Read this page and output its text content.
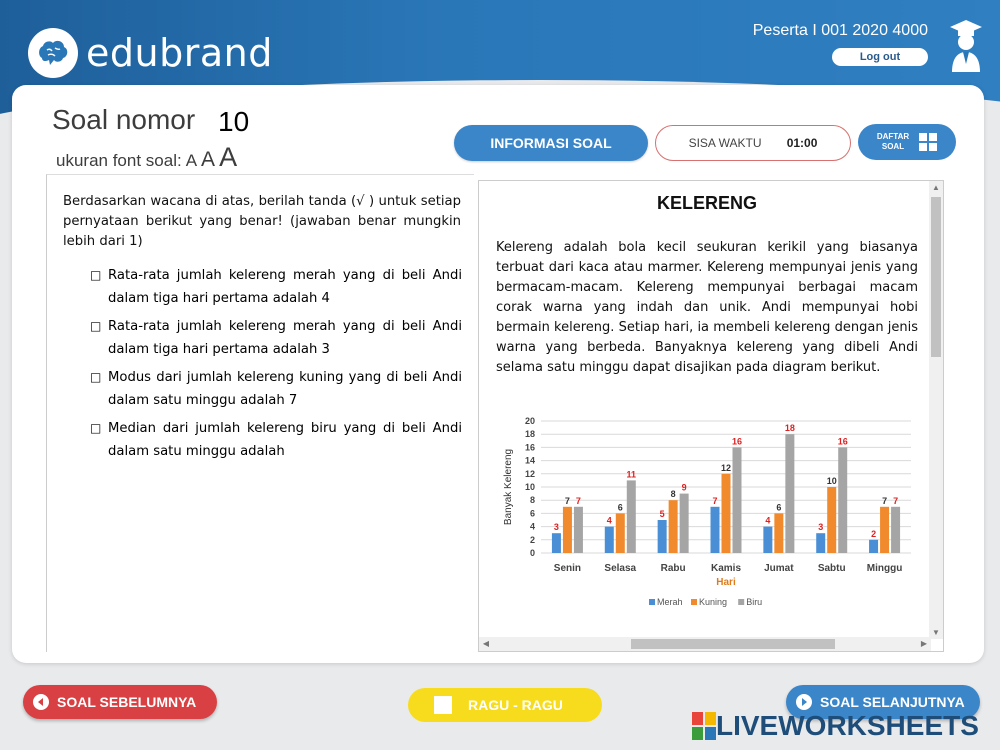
edubrand
Peserta I 001 2020 4000
Log out
Soal nomor 10
ukuran font soal: A A A	INFORMASI SOAL	SISA WAKTU 01:00	DAFTAR
SOAL
Berdasarkan wacana di atas, berilah tanda (√ ) untuk setiap pernyataan berikut yang benar! (jawaban benar mungkin lebih dari 1)
□ Rata-rata jumlah kelereng merah yang di beli Andi dalam tiga hari pertama adalah 4
□ Rata-rata jumlah kelereng merah yang di beli Andi dalam tiga hari pertama adalah 3
□ Modus dari jumlah kelereng kuning yang di beli Andi dalam satu minggu adalah 7
□ Median dari jumlah kelereng biru yang di beli Andi dalam satu minggu adalah
KELERENG
Kelereng adalah bola kecil seukuran kerikil yang biasanya terbuat dari kaca atau marmer. Kelereng mempunyai jenis yang bermacam-macam. Kelereng mempunyai berbagai macam corak warna yang indah dan unik. Andi mempunyai hobi bermain kelereng. Setiap hari, ia membeli kelereng dengan jenis warna yang berbeda. Banyaknya kelereng yang dibeli Andi selama satu minggu dapat disajikan pada diagram berikut.
0
2
4
6
8
10
12
14
16
18
20
Banyak Kelereng
3
7 7
Senin
4
6
11
Selasa
5
8
9
Rabu
7
12
16
Kamis
4
6
18
Jumat
3
10
16
Sabtu
2
7 7
Minggu
Hari
Merah Kuning Biru
▲
▼
◀	▶
SOAL SEBELUMNYA	RAGU - RAGU	SOAL SELANJUTNYA
LIVEWORKSHEETS
